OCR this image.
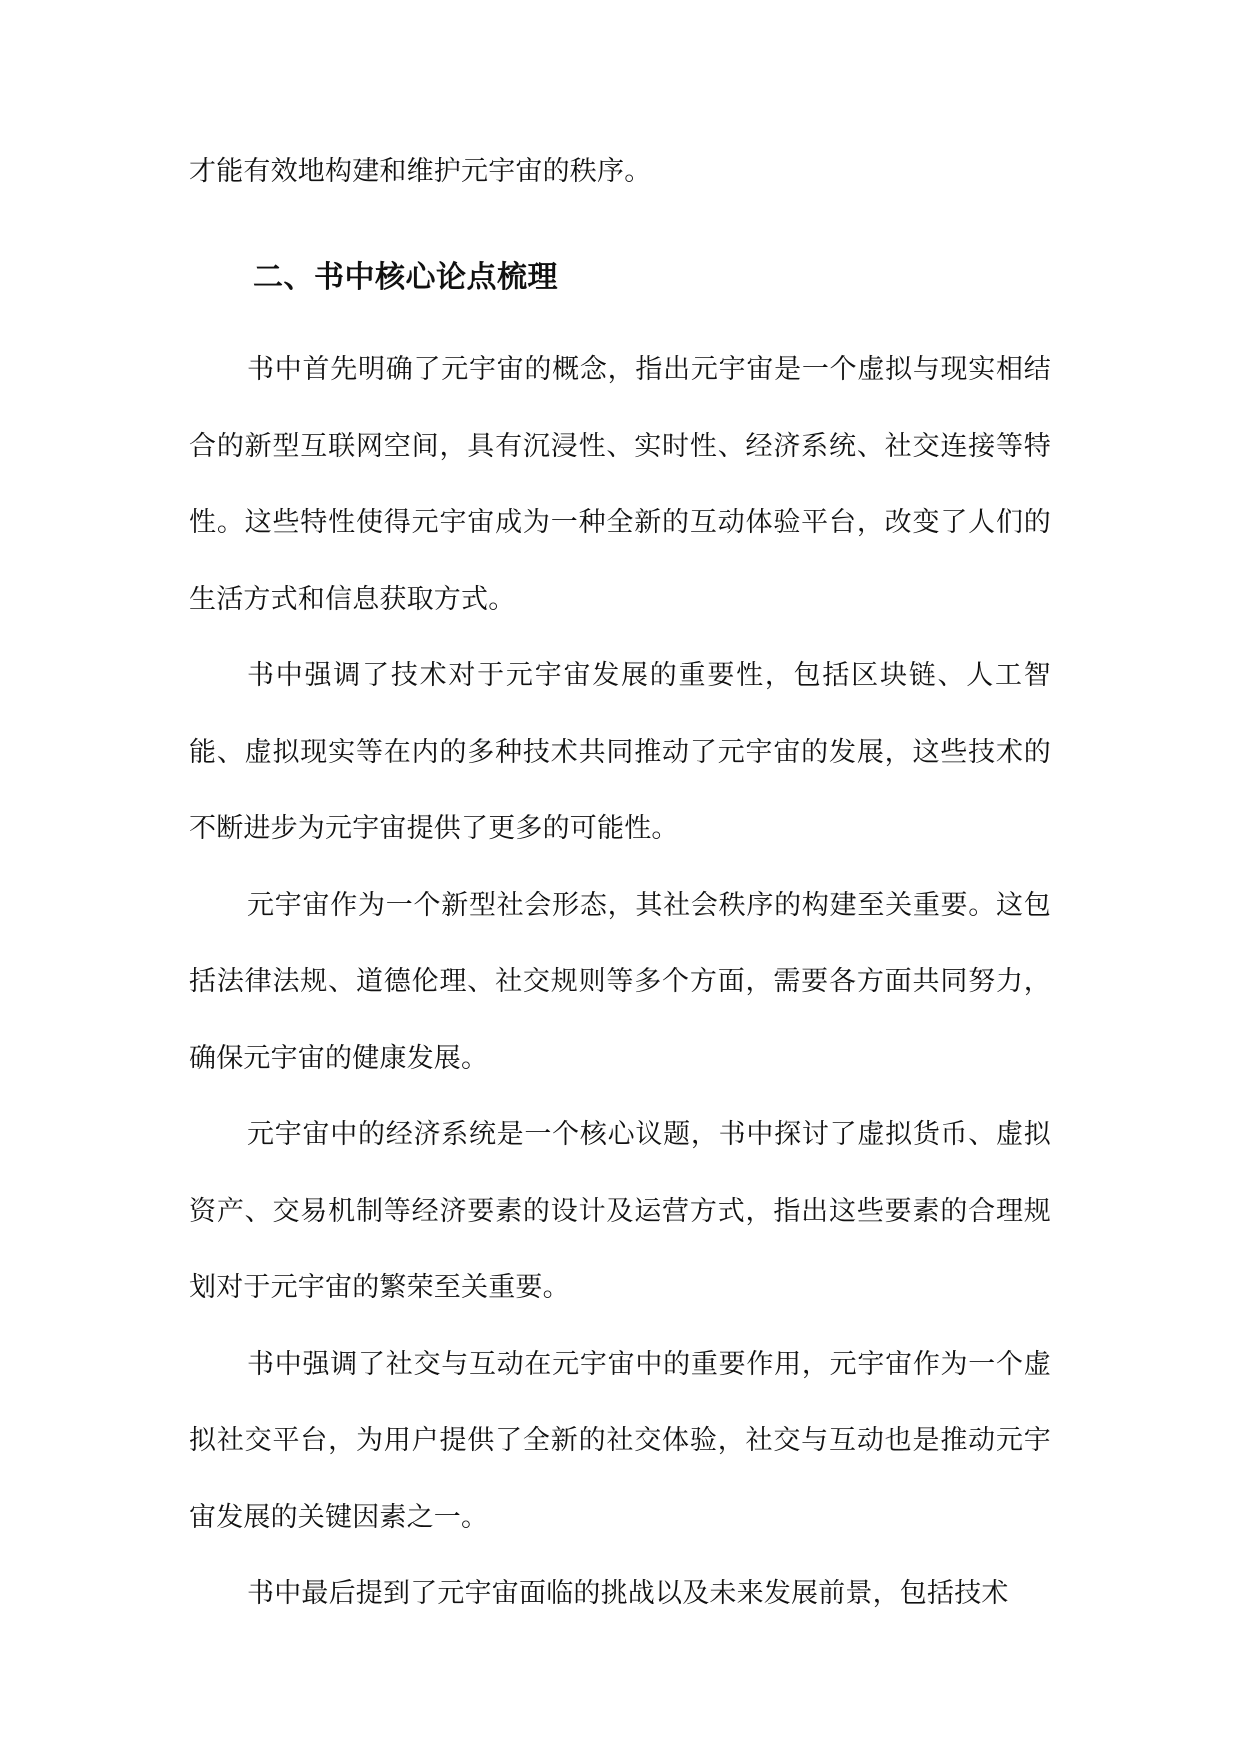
才能有效地构建和维护元宇宙的秩序。

二、书中核心论点梳理

书中首先明确了元宇宙的概念，指出元宇宙是一个虚拟与现实相结合的新型互联网空间，具有沉浸性、实时性、经济系统、社交连接等特性。这些特性使得元宇宙成为一种全新的互动体验平台，改变了人们的生活方式和信息获取方式。

书中强调了技术对于元宇宙发展的重要性，包括区块链、人工智能、虚拟现实等在内的多种技术共同推动了元宇宙的发展，这些技术的不断进步为元宇宙提供了更多的可能性。

元宇宙作为一个新型社会形态，其社会秩序的构建至关重要。这包括法律法规、道德伦理、社交规则等多个方面，需要各方面共同努力，确保元宇宙的健康发展。

元宇宙中的经济系统是一个核心议题，书中探讨了虚拟货币、虚拟资产、交易机制等经济要素的设计及运营方式，指出这些要素的合理规划对于元宇宙的繁荣至关重要。

书中强调了社交与互动在元宇宙中的重要作用，元宇宙作为一个虚拟社交平台，为用户提供了全新的社交体验，社交与互动也是推动元宇宙发展的关键因素之一。

书中最后提到了元宇宙面临的挑战以及未来发展前景，包括技术
